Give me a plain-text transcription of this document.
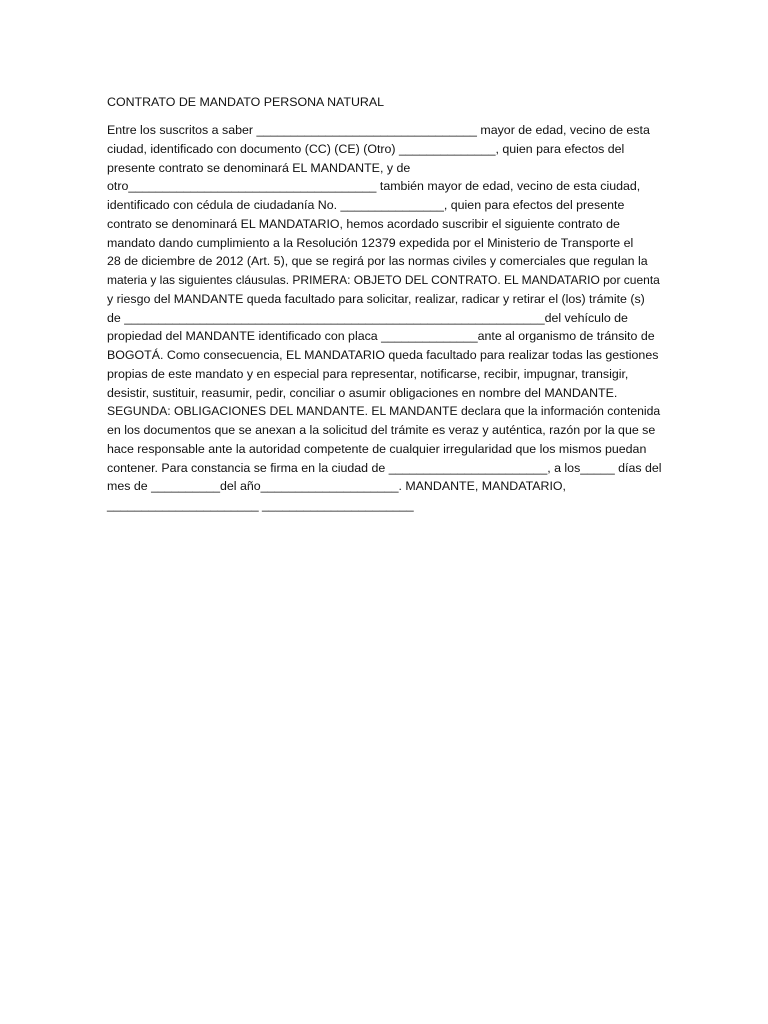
CONTRATO DE MANDATO PERSONA NATURAL
Entre los suscritos a saber ________________________________ mayor de edad, vecino de esta
ciudad, identificado con documento (CC) (CE) (Otro) ______________, quien para efectos del
presente contrato se denominará EL MANDANTE, y de
otro____________________________________ también mayor de edad, vecino de esta ciudad,
identificado con cédula de ciudadanía No. _______________, quien para efectos del presente
contrato se denominará EL MANDATARIO, hemos acordado suscribir el siguiente contrato de
mandato dando cumplimiento a la Resolución 12379 expedida por el Ministerio de Transporte el
28 de diciembre de 2012 (Art. 5), que se regirá por las normas civiles y comerciales que regulan la
materia y las siguientes cláusulas. PRIMERA: OBJETO DEL CONTRATO. EL MANDATARIO por cuenta
y riesgo del MANDANTE queda facultado para solicitar, realizar, radicar y retirar el (los) trámite (s)
de _____________________________________________________________del vehículo de
propiedad del MANDANTE identificado con placa ______________ante al organismo de tránsito de
BOGOTÁ. Como consecuencia, EL MANDATARIO queda facultado para realizar todas las gestiones
propias de este mandato y en especial para representar, notificarse, recibir, impugnar, transigir,
desistir, sustituir, reasumir, pedir, conciliar o asumir obligaciones en nombre del MANDANTE.
SEGUNDA: OBLIGACIONES DEL MANDANTE. EL MANDANTE declara que la información contenida
en los documentos que se anexan a la solicitud del trámite es veraz y auténtica, razón por la que se
hace responsable ante la autoridad competente de cualquier irregularidad que los mismos puedan
contener. Para constancia se firma en la ciudad de _______________________, a los_____ días del
mes de __________del año____________________. MANDANTE, MANDATARIO,
______________________ ______________________
